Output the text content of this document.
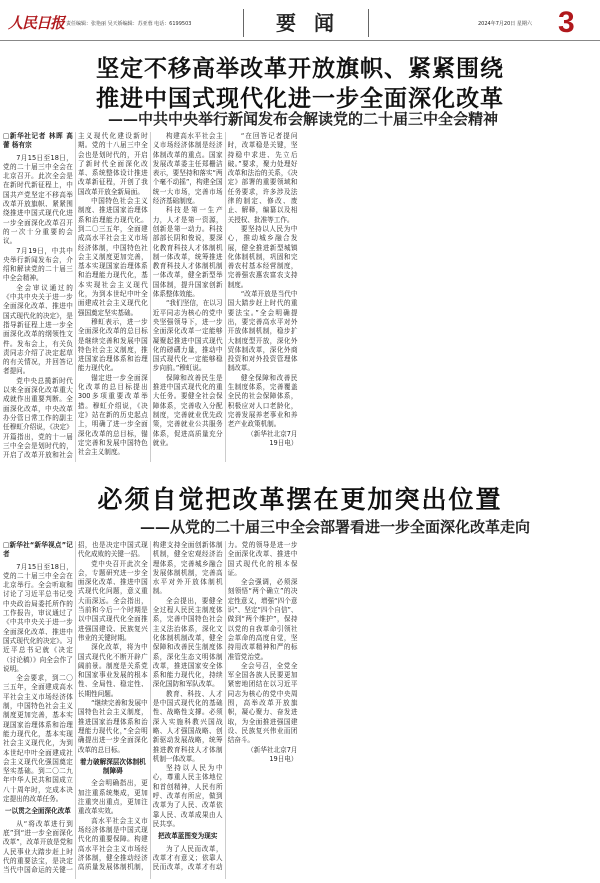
人民日报 责任编辑：张艳丽 吴天娇编辑：苏亚蓉 电话：6199503	要闻	2024年7月20日 星期六 3
坚定不移高举改革开放旗帜、紧紧围绕
推进中国式现代化进一步全面深化改革
——中共中央举行新闻发布会解读党的二十届三中全会精神

□新华社记者 林晖 高蕾 杨有宗

7月15日至18日，党的二十届三中全会在北京召开。此次全会是在新时代新征程上，中国共产党坚定不移高举改革开放旗帜、紧紧围绕推进中国式现代化进一步全面深化改革召开的一次十分重要的会议。

7月19日，中共中央举行新闻发布会，介绍和解读党的二十届三中全会精神。

全会审议通过的《中共中央关于进一步全面深化改革、推进中国式现代化的决定》，是指导新征程上进一步全面深化改革的纲领性文件。发布会上，有关负责同志介绍了决定起草的有关情况，并回答记者提问。

党中央总揽新时代以来全面深化改革重大成就作出重要判断。全面深化改革，中央改革办分管日常工作的副主任穆虹介绍说，《决定》开篇指出，党的十一届三中全会是划时代的，开启了改革开放和社会主义现代化建设新时期。党的十八届三中全会也是划时代的，开启了新时代全面深化改革、系统整体设计推进改革新征程，开创了我国改革开放全新局面。

中国特色社会主义制度、推进国家治理体系和治理能力现代化。到二〇三五年，全面建成高水平社会主义市场经济体制，中国特色社会主义制度更加完善，基本实现国家治理体系和治理能力现代化，基本实现社会主义现代化，为到本世纪中叶全面建成社会主义现代化强国奠定坚实基础。

穆虹表示，进一步全面深化改革的总目标是继续完善和发展中国特色社会主义制度，推进国家治理体系和治理能力现代化。

锚定进一步全面深化改革的总目标提出300多项重要改革举措。穆虹介绍说，《决定》站在新的历史起点上，明确了进一步全面深化改革的总目标，锚定完善和发展中国特色社会主义制度。

构建高水平社会主义市场经济体制是经济体制改革的重点。国家发展改革委主任郑栅洁表示，要坚持和落实“两个毫不动摇”，构建全国统一大市场，完善市场经济基础制度。

科技是第一生产力，人才是第一资源，创新是第一动力。科技部部长阴和俊说，要深化教育科技人才体制机制一体改革，统筹推进教育科技人才体制机制一体改革，健全新型举国体制，提升国家创新体系整体效能。

“我们坚信，在以习近平同志为核心的党中央坚强领导下，进一步全面深化改革一定能够凝聚起推进中国式现代化的磅礴力量，推动中国式现代化一定能够稳步向前。”穆虹说。

保障和改善民生是推进中国式现代化的重大任务。要健全社会保障体系，完善收入分配制度，完善就业优先政策，完善就业公共服务体系，促进高质量充分就业。

“在回答记者提问时，改革稳是关键，坚持稳中求进、先立后破。”要求，聚力处理好改革和法治的关系，《决定》部署的重要领域和任务要求，许多涉及法律的制定、修改、废止、解释，编纂以及相关授权、批准等工作。

要坚持以人民为中心，推动城乡融合发展，健全推进新型城镇化体制机制，巩固和完善农村基本经营制度，完善强农惠农富农支持制度。

“改革开放是当代中国大踏步赶上时代的重要法宝。”全会明确提出，要完善高水平对外开放体制机制，稳步扩大制度型开放，深化外贸体制改革，深化外商投资和对外投资管理体制改革。

健全保障和改善民生制度体系，完善覆盖全民的社会保障体系，积极应对人口老龄化，完善发展养老事业和养老产业政策机制。

（新华社北京7月19日电）

必须自觉把改革摆在更加突出位置
——从党的二十届三中全会部署看进一步全面深化改革走向

□新华社“新华视点”记者

7月15日至18日，党的二十届三中全会在北京举行。全会听取和讨论了习近平总书记受中央政治局委托所作的工作报告，审议通过了《中共中央关于进一步全面深化改革、推进中国式现代化的决定》。习近平总书记就《决定（讨论稿）》向全会作了说明。

全会要求，到二〇三五年，全面建成高水平社会主义市场经济体制，中国特色社会主义制度更加完善，基本实现国家治理体系和治理能力现代化，基本实现社会主义现代化，为到本世纪中叶全面建成社会主义现代化强国奠定坚实基础。到二〇二九年中华人民共和国成立八十周年时，完成本决定提出的改革任务。

一以贯之全面深化改革

从“将改革进行到底”到“进一步全面深化改革”，改革开放是党和人民事业大踏步赶上时代的重要法宝，是决定当代中国命运的关键一招，也是决定中国式现代化成败的关键一招。

党中央召开此次全会，专题研究进一步全面深化改革、推进中国式现代化问题，意义重大而深远。全会指出，当前和今后一个时期是以中国式现代化全面推进强国建设、民族复兴伟业的关键时期。

深化改革，将为中国式现代化不断开辟广阔前景。制度是关系党和国家事业发展的根本性、全局性、稳定性、长期性问题。

“继续完善和发展中国特色社会主义制度，推进国家治理体系和治理能力现代化，”全会明确提出进一步全面深化改革的总目标。

着力破解深层次体制机制障碍

全会明确指出，更加注重系统集成，更加注重突出重点，更加注重改革实效。

高水平社会主义市场经济体制是中国式现代化的重要保障。构建高水平社会主义市场经济体制，健全推动经济高质量发展体制机制，构建支持全面创新体制机制，健全宏观经济治理体系，完善城乡融合发展体制机制，完善高水平对外开放体制机制。

全会提出，要健全全过程人民民主制度体系，完善中国特色社会主义法治体系，深化文化体制机制改革，健全保障和改善民生制度体系，深化生态文明体制改革，推进国家安全体系和能力现代化，持续深化国防和军队改革。

教育、科技、人才是中国式现代化的基础性、战略性支撑。必须深入实施科教兴国战略、人才强国战略、创新驱动发展战略，统筹推进教育科技人才体制机制一体改革。

坚持以人民为中心，尊重人民主体地位和首创精神，人民有所呼、改革有所应，做到改革为了人民、改革依靠人民、改革成果由人民共享。

把改革蓝图变为现实

为了人民而改革，改革才有意义；依靠人民而改革，改革才有动力。党的领导是进一步全面深化改革、推进中国式现代化的根本保证。

全会强调，必须深刻领悟“两个确立”的决定性意义，增强“四个意识”、坚定“四个自信”、做到“两个维护”，保持以党的自我革命引领社会革命的高度自觉，坚持用改革精神和严的标准管党治党。

全会号召，全党全军全国各族人民要更加紧密地团结在以习近平同志为核心的党中央周围，高举改革开放旗帜，凝心聚力、奋发进取，为全面推进强国建设、民族复兴伟业而团结奋斗。

（新华社北京7月19日电）
